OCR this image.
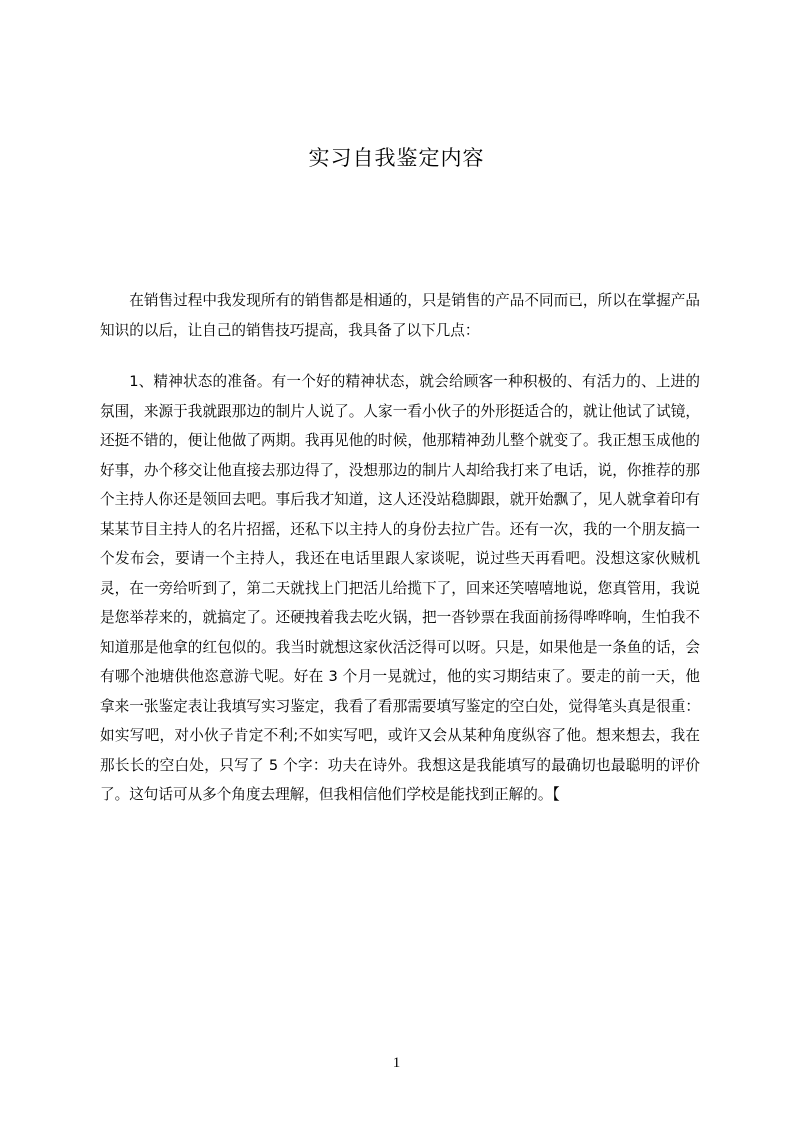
实习自我鉴定内容

在销售过程中我发现所有的销售都是相通的，只是销售的产品不同而已，所以在掌握产品知识的以后，让自己的销售技巧提高，我具备了以下几点：

1、精神状态的准备。有一个好的精神状态，就会给顾客一种积极的、有活力的、上进的氛围，来源于我就跟那边的制片人说了。人家一看小伙子的外形挺适合的，就让他试了试镜，还挺不错的，便让他做了两期。我再见他的时候，他那精神劲儿整个就变了。我正想玉成他的好事，办个移交让他直接去那边得了，没想那边的制片人却给我打来了电话，说，你推荐的那个主持人你还是领回去吧。事后我才知道，这人还没站稳脚跟，就开始飘了，见人就拿着印有某某节目主持人的名片招摇，还私下以主持人的身份去拉广告。还有一次，我的一个朋友搞一个发布会，要请一个主持人，我还在电话里跟人家谈呢，说过些天再看吧。没想这家伙贼机灵，在一旁给听到了，第二天就找上门把活儿给揽下了，回来还笑嘻嘻地说，您真管用，我说是您举荐来的，就搞定了。还硬拽着我去吃火锅，把一沓钞票在我面前扬得哗哗响，生怕我不知道那是他拿的红包似的。我当时就想这家伙活泛得可以呀。只是，如果他是一条鱼的话，会有哪个池塘供他恣意游弋呢。好在 3 个月一晃就过，他的实习期结束了。要走的前一天，他拿来一张鉴定表让我填写实习鉴定，我看了看那需要填写鉴定的空白处，觉得笔头真是很重：如实写吧，对小伙子肯定不利;不如实写吧，或许又会从某种角度纵容了他。想来想去，我在那长长的空白处，只写了 5 个字：功夫在诗外。我想这是我能填写的最确切也最聪明的评价了。这句话可从多个角度去理解，但我相信他们学校是能找到正解的。【

1
